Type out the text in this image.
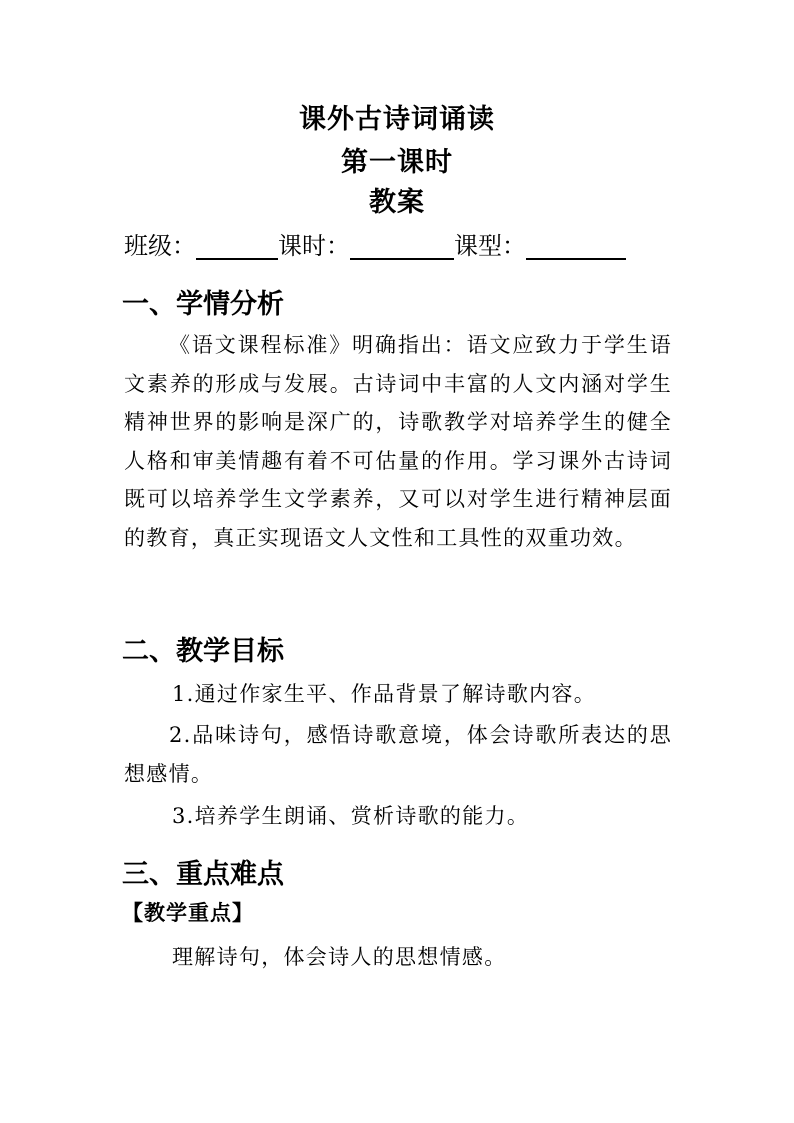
课外古诗词诵读
第一课时
教案
班级：	课时：	课型：
一、学情分析
《语文课程标准》明确指出：语文应致力于学生语文素养的形成与发展。古诗词中丰富的人文内涵对学生精神世界的影响是深广的，诗歌教学对培养学生的健全人格和审美情趣有着不可估量的作用。学习课外古诗词既可以培养学生文学素养，又可以对学生进行精神层面的教育，真正实现语文人文性和工具性的双重功效。
二、教学目标
1.通过作家生平、作品背景了解诗歌内容。
2.品味诗句，感悟诗歌意境，体会诗歌所表达的思想感情。
3.培养学生朗诵、赏析诗歌的能力。
三、重点难点
【教学重点】
理解诗句，体会诗人的思想情感。
